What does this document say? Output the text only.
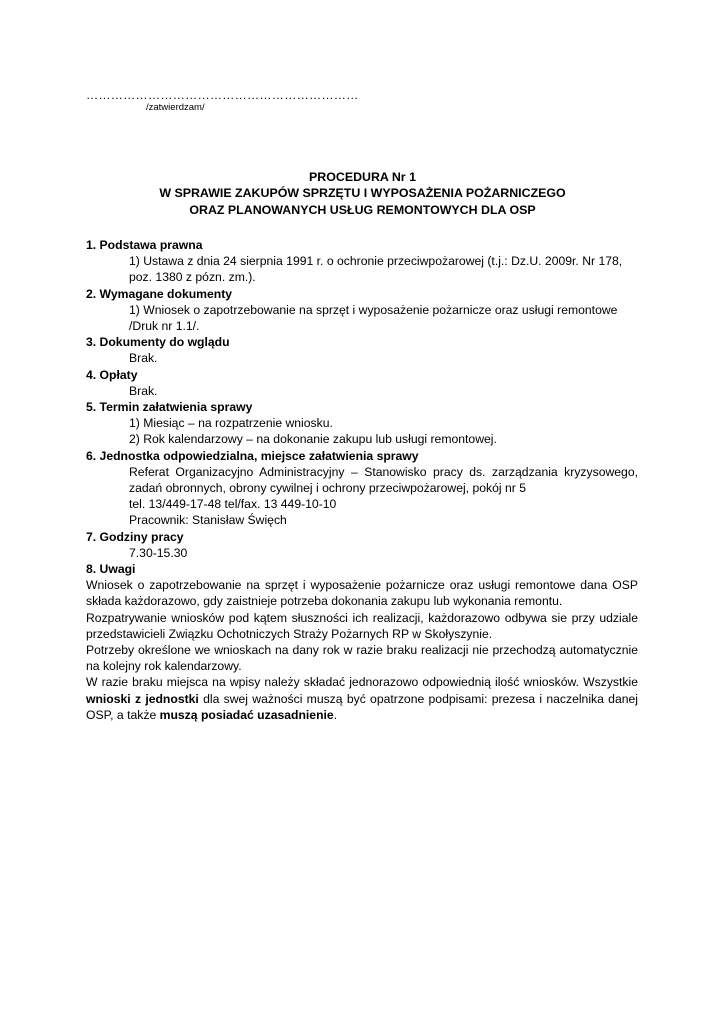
…………………………………………………………
/zatwierdzam/
PROCEDURA Nr 1
W SPRAWIE ZAKUPÓW SPRZĘTU I WYPOSAŻENIA POŻARNICZEGO
ORAZ PLANOWANYCH USŁUG REMONTOWYCH DLA OSP
1. Podstawa prawna
1) Ustawa z dnia 24 sierpnia 1991 r. o ochronie przeciwpożarowej (t.j.: Dz.U. 2009r. Nr 178,
poz. 1380 z pózn. zm.).
2. Wymagane dokumenty
1) Wniosek o zapotrzebowanie na sprzęt i wyposażenie pożarnicze oraz usługi remontowe
/Druk nr 1.1/.
3. Dokumenty do wglądu
Brak.
4. Opłaty
Brak.
5. Termin załatwienia sprawy
1) Miesiąc – na rozpatrzenie wniosku.
2) Rok kalendarzowy – na dokonanie zakupu lub usługi remontowej.
6. Jednostka odpowiedzialna, miejsce załatwienia sprawy
Referat Organizacyjno Administracyjny – Stanowisko pracy ds. zarządzania kryzysowego, zadań obronnych, obrony cywilnej i ochrony przeciwpożarowej, pokój nr 5
tel. 13/449-17-48 tel/fax. 13 449-10-10
Pracownik: Stanisław Święch
7. Godziny pracy
7.30-15.30
8. Uwagi
Wniosek o zapotrzebowanie na sprzęt i wyposażenie pożarnicze oraz usługi remontowe dana OSP składa każdorazowo, gdy zaistnieje potrzeba dokonania zakupu lub wykonania remontu.
Rozpatrywanie wniosków pod kątem słuszności ich realizacji, każdorazowo odbywa sie przy udziale przedstawicieli Związku Ochotniczych Straży Pożarnych RP w Skołyszynie.
Potrzeby określone we wnioskach na dany rok w razie braku realizacji nie przechodzą automatycznie na kolejny rok kalendarzowy.
W razie braku miejsca na wpisy należy składać jednorazowo odpowiednią ilość wniosków. Wszystkie wnioski z jednostki dla swej ważności muszą być opatrzone podpisami: prezesa i naczelnika danej OSP, a także muszą posiadać uzasadnienie.
